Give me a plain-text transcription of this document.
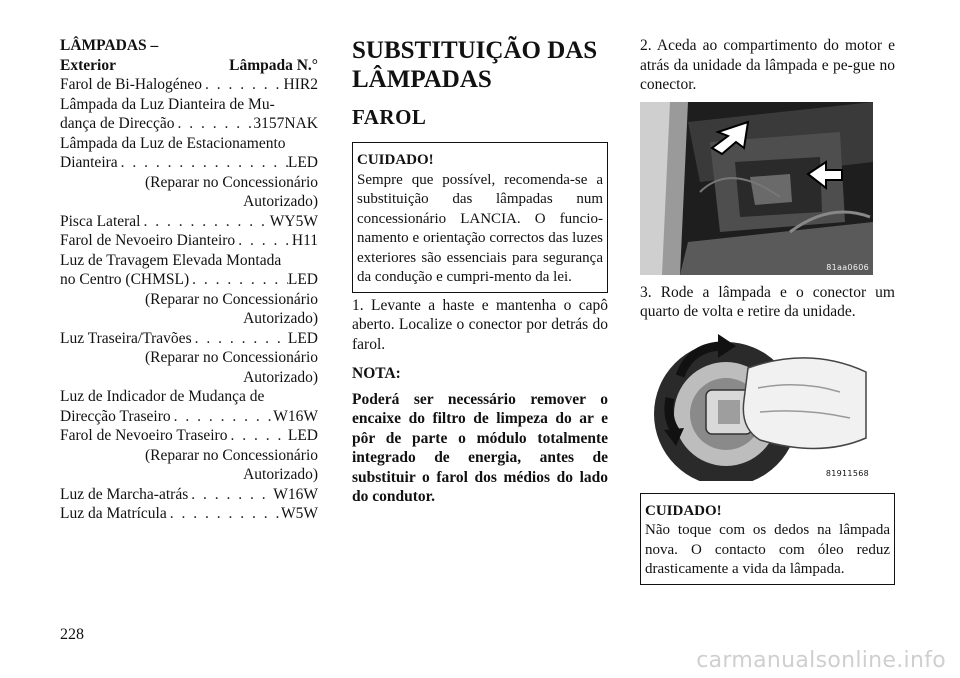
LÂMPADAS –
Exterior	Lâmpada N.°
Farol de Bi-Halogéneo . . .	HIR2
Lâmpada da Luz Dianteira de Mu-
dança de Direcção . . .	3157NAK
Lâmpada da Luz de Estacionamento
Dianteira . . .	LED
(Reparar no Concessionário
Autorizado)
Pisca Lateral . . .	WY5W
Farol de Nevoeiro Dianteiro . . .	H11
Luz de Travagem Elevada Montada
no Centro (CHMSL) . . .	LED
(Reparar no Concessionário
Autorizado)
Luz Traseira/Travões . . .	LED
(Reparar no Concessionário
Autorizado)
Luz de Indicador de Mudança de
Direcção Traseiro . . .	W16W
Farol de Nevoeiro Traseiro . . .	LED
(Reparar no Concessionário
Autorizado)
Luz de Marcha-atrás . . .	W16W
Luz da Matrícula . . .	W5W
SUBSTITUIÇÃO DAS
LÂMPADAS
FAROL
CUIDADO!
Sempre que possível, recomenda-se a substituição das lâmpadas num concessionário LANCIA. O funcio-namento e orientação correctos das luzes exteriores são essenciais para segurança da condução e cumpri-mento da lei.
1. Levante a haste e mantenha o capô aberto. Localize o conector por detrás do farol.
NOTA:
Poderá ser necessário remover o encaixe do filtro de limpeza do ar e pôr de parte o módulo totalmente integrado de energia, antes de substituir o farol dos médios do lado do condutor.
2. Aceda ao compartimento do motor e atrás da unidade da lâmpada e pe-gue no conector.
81aa0606
3. Rode a lâmpada e o conector um quarto de volta e retire da unidade.
81911568
CUIDADO!
Não toque com os dedos na lâmpada nova. O contacto com óleo reduz drasticamente a vida da lâmpada.
228
carmanualsonline.info
